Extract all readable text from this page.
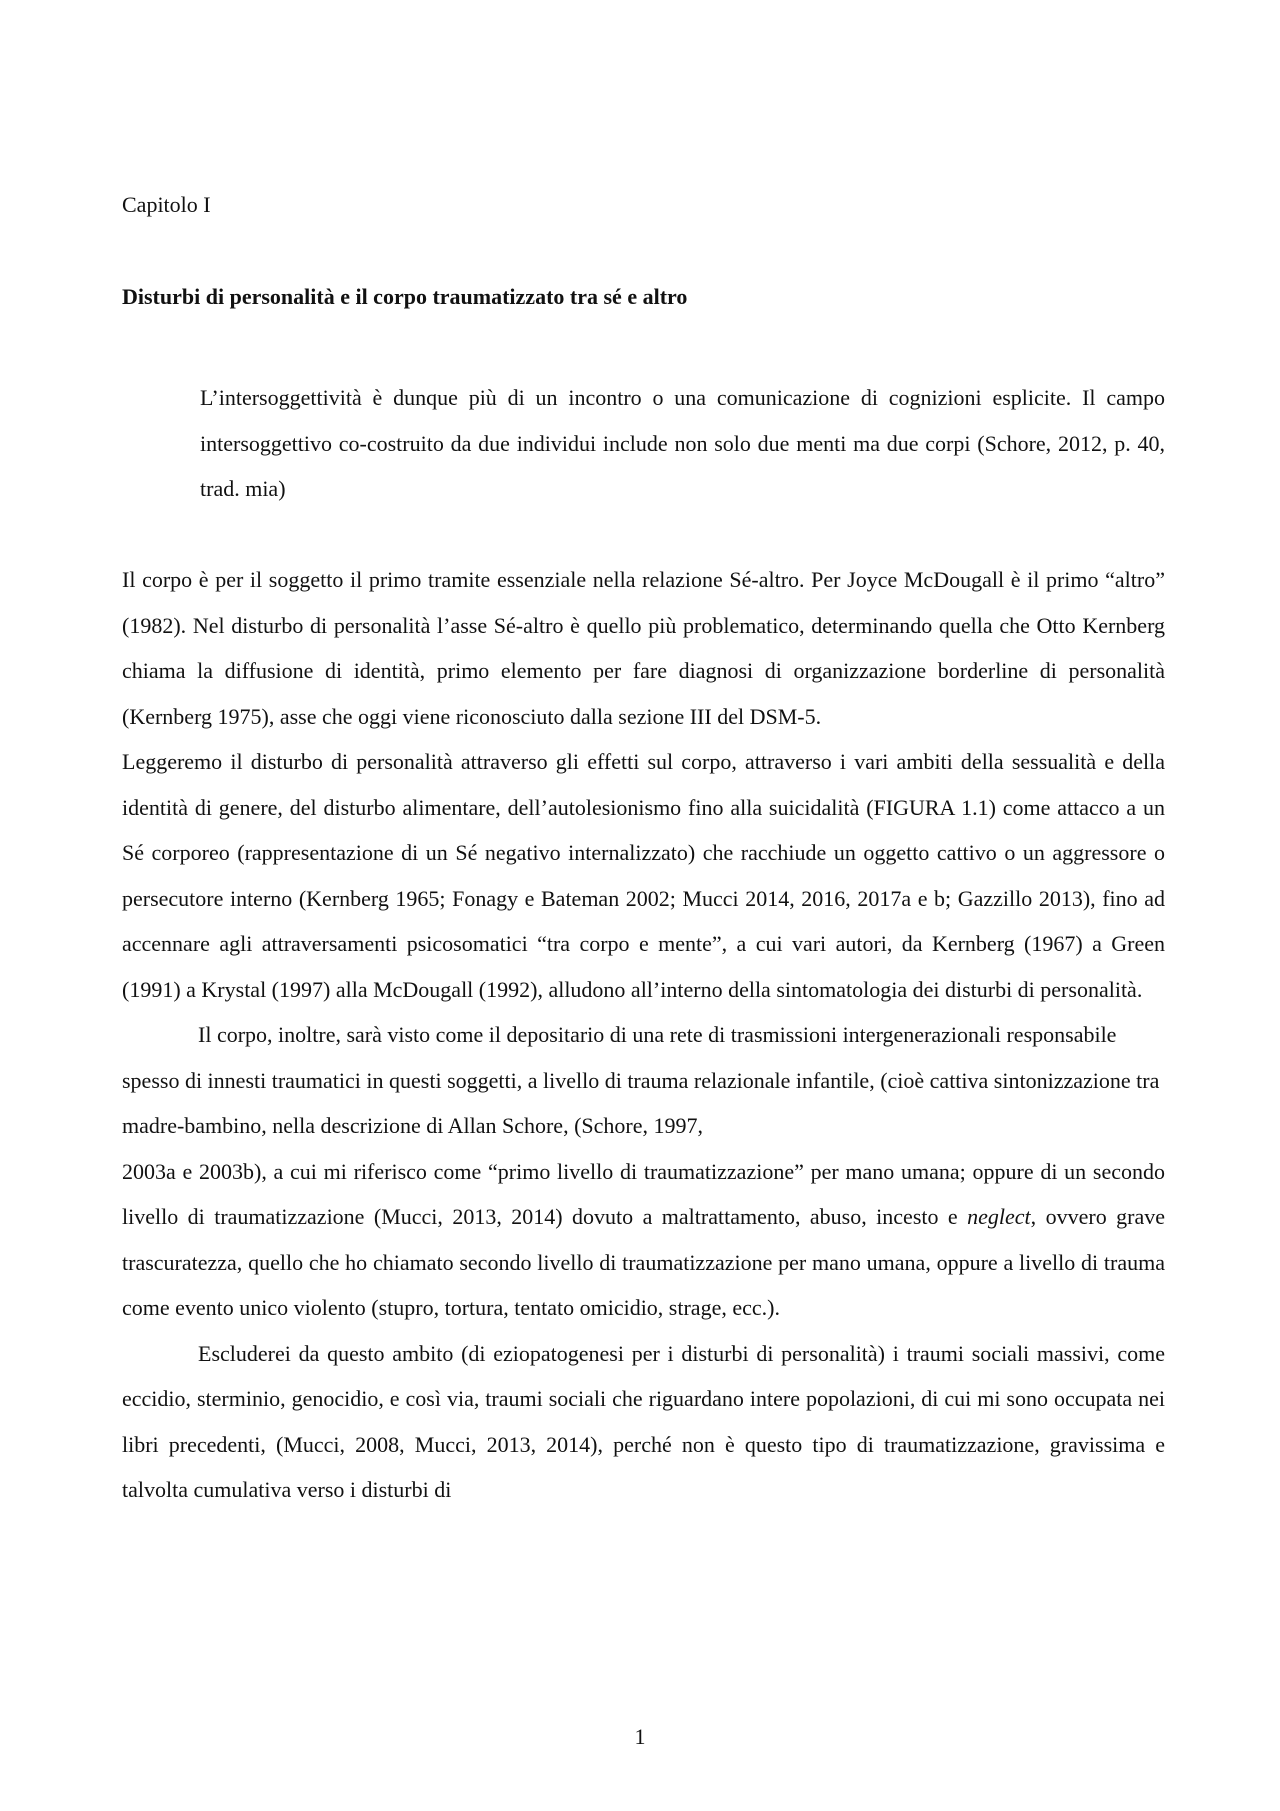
Capitolo I
Disturbi di personalità e il corpo traumatizzato tra sé e altro

L’intersoggettività è dunque più di un incontro o una comunicazione di cognizioni esplicite. Il campo intersoggettivo co-costruito da due individui include non solo due menti ma due corpi (Schore, 2012, p. 40, trad. mia)

Il corpo è per il soggetto il primo tramite essenziale nella relazione Sé-altro. Per Joyce McDougall è il primo “altro” (1982). Nel disturbo di personalità l’asse Sé-altro è quello più problematico, determinando quella che Otto Kernberg chiama la diffusione di identità, primo elemento per fare diagnosi di organizzazione borderline di personalità (Kernberg 1975), asse che oggi viene riconosciuto dalla sezione III del DSM-5.

Leggeremo il disturbo di personalità attraverso gli effetti sul corpo, attraverso i vari ambiti della sessualità e della identità di genere, del disturbo alimentare, dell’autolesionismo fino alla suicidalità (FIGURA 1.1) come attacco a un Sé corporeo (rappresentazione di un Sé negativo internalizzato) che racchiude un oggetto cattivo o un aggressore o persecutore interno (Kernberg 1965; Fonagy e Bateman 2002; Mucci 2014, 2016, 2017a e b; Gazzillo 2013), fino ad accennare agli attraversamenti psicosomatici “tra corpo e mente”, a cui vari autori, da Kernberg (1967) a Green (1991) a Krystal (1997) alla McDougall (1992), alludono all’interno della sintomatologia dei disturbi di personalità.

Il corpo, inoltre, sarà visto come il depositario di una rete di trasmissioni intergenerazionali responsabile spesso di innesti traumatici in questi soggetti, a livello di trauma relazionale infantile, (cioè cattiva sintonizzazione tra madre-bambino, nella descrizione di Allan Schore, (Schore, 1997,

2003a e 2003b), a cui mi riferisco come “primo livello di traumatizzazione” per mano umana; oppure di un secondo livello di traumatizzazione (Mucci, 2013, 2014) dovuto a maltrattamento, abuso, incesto e neglect, ovvero grave trascuratezza, quello che ho chiamato secondo livello di traumatizzazione per mano umana, oppure a livello di trauma come evento unico violento (stupro, tortura, tentato omicidio, strage, ecc.).

Escluderei da questo ambito (di eziopatogenesi per i disturbi di personalità) i traumi sociali massivi, come eccidio, sterminio, genocidio, e così via, traumi sociali che riguardano intere popolazioni, di cui mi sono occupata nei libri precedenti, (Mucci, 2008, Mucci, 2013, 2014), perché non è questo tipo di traumatizzazione, gravissima e talvolta cumulativa verso i disturbi di

1
